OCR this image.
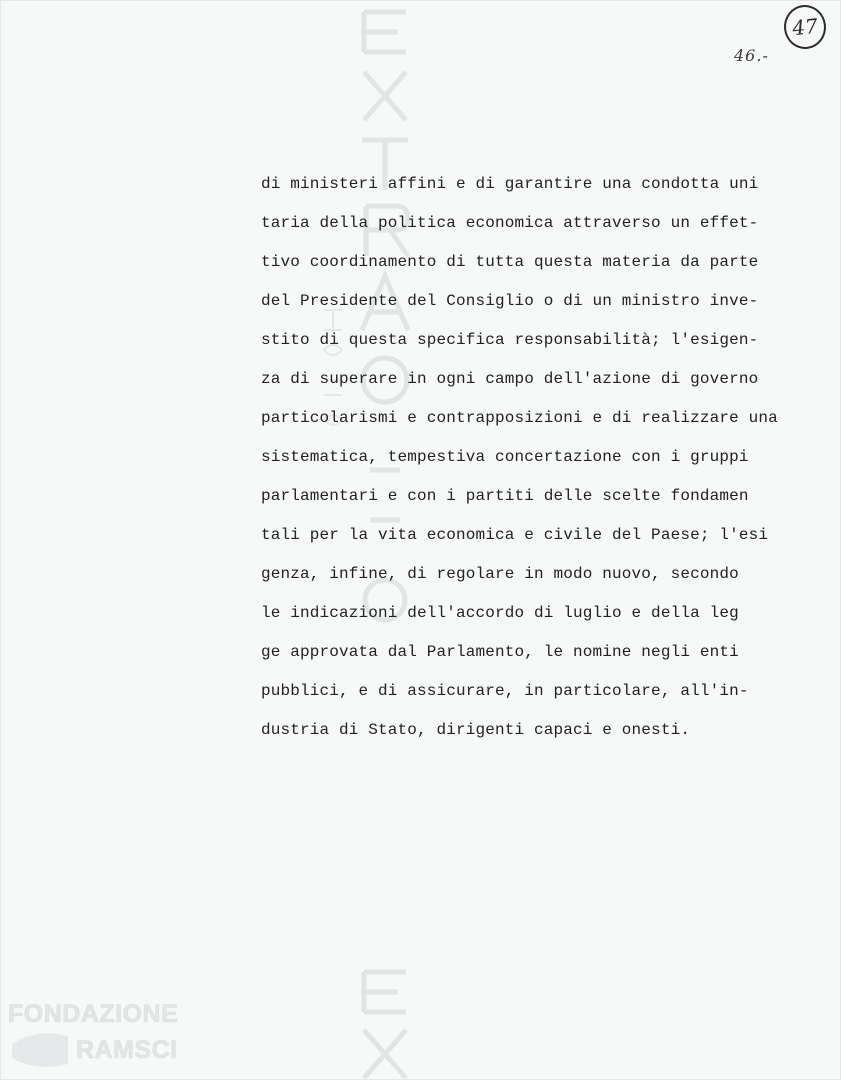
47
46.-
di ministeri affini e di garantire una condotta uni
taria della politica economica attraverso un effet-
tivo coordinamento di tutta questa materia da parte
del Presidente del Consiglio o di un ministro inve-
stito di questa specifica responsabilità; l'esigen-
za di superare in ogni campo dell'azione di governo
particolarismi e contrapposizioni e di realizzare una
sistematica, tempestiva concertazione con i gruppi
parlamentari e con i partiti delle scelte fondamen
tali per la vita economica e civile del Paese; l'esi
genza, infine, di regolare in modo nuovo, secondo
le indicazioni dell'accordo di luglio e della leg
ge approvata dal Parlamento, le nomine negli enti
pubblici, e di assicurare, in particolare, all'in-
dustria di Stato, dirigenti capaci e onesti.
FONDAZIONE
RAMSCI
